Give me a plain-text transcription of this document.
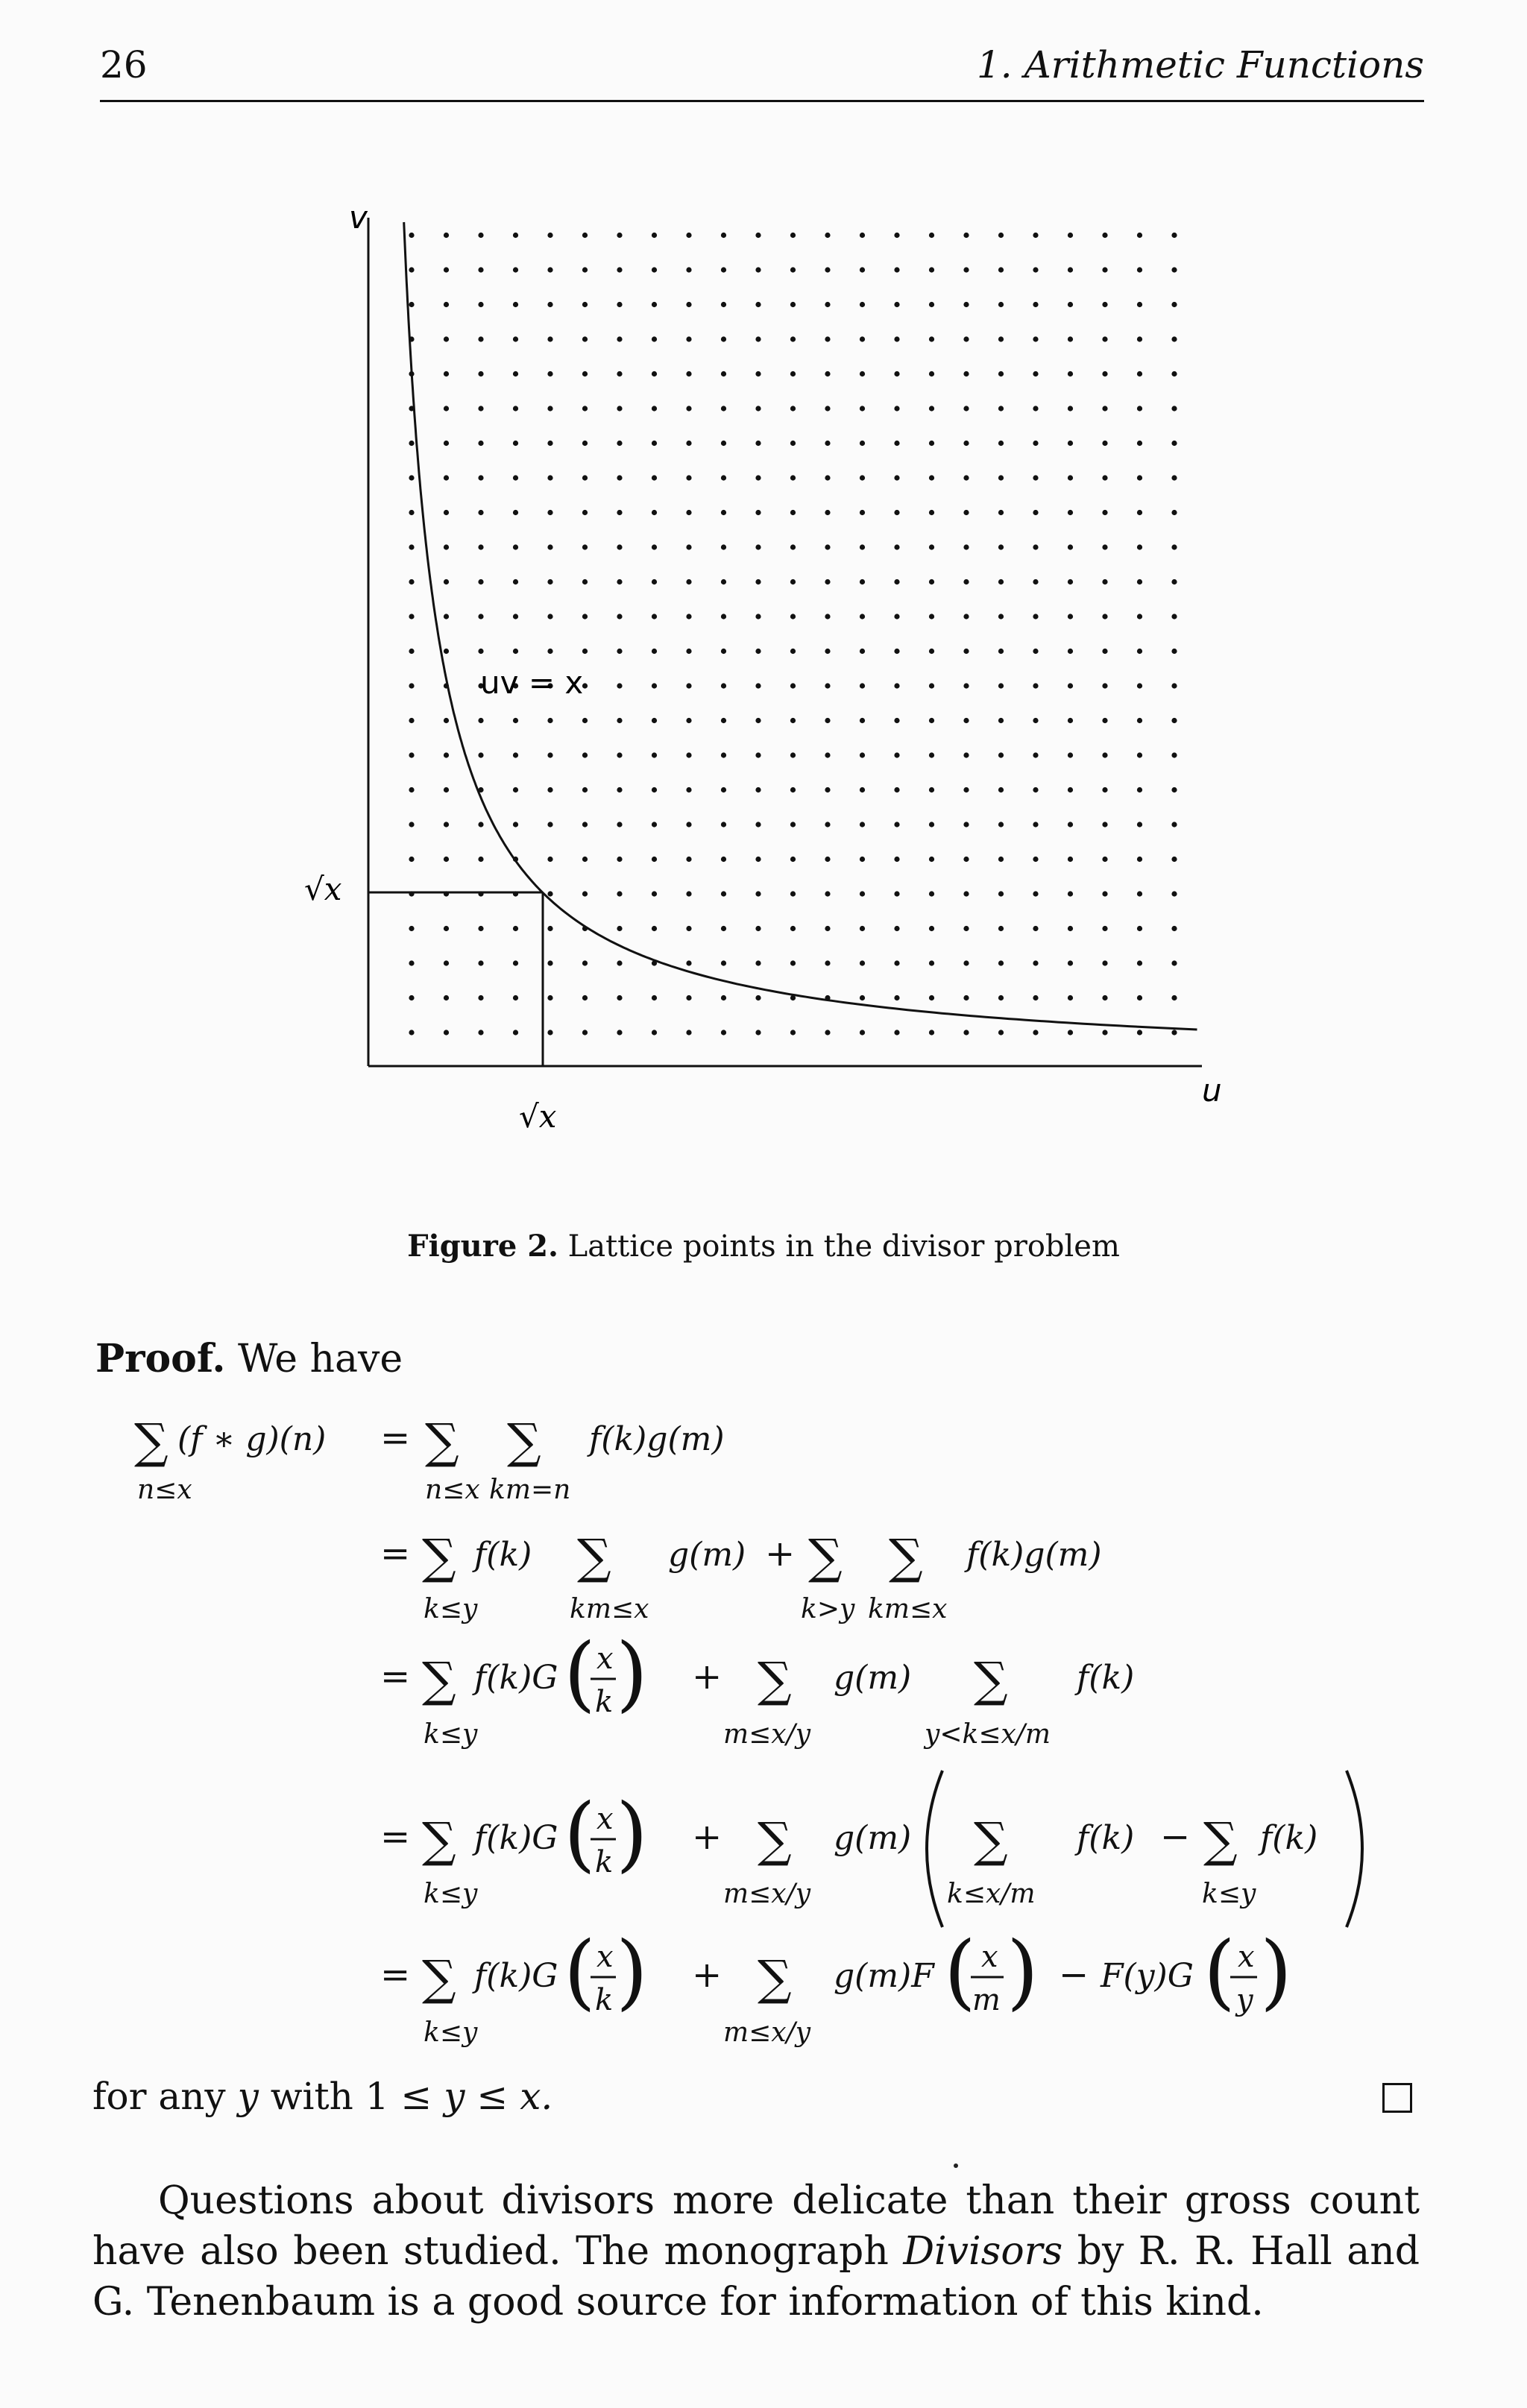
26	1. Arithmetic Functions
v
u
√x
√x
uv = x
Figure 2. Lattice points in the divisor problem
Proof. We have
∑ (f ∗ g)(n)
n≤x
= ∑ ∑
n≤x km=n
f(k)g(m)
= ∑
k≤y
f(k) ∑
km≤x
g(m) + ∑ ∑
k>y km≤x
f(k)g(m)
= ∑
k≤y
f(k)G ( x
k ) + ∑
m≤x/y
g(m) ∑
y<k≤x/m
f(k)
= ∑
k≤y
f(k)G ( x
k ) + ∑
m≤x/y
g(m) ∑
k≤x/m
f(k) − ∑
k≤y
f(k)
= ∑
k≤y
f(k)G ( x
k ) + ∑
m≤x/y
g(m)F ( x
m ) − F(y)G ( x
y )
for any y with 1 ≤ y ≤ x.
Questions about divisors more delicate than their gross count have also been studied. The monograph Divisors by R. R. Hall and G. Tenenbaum is a good source for information of this kind.
